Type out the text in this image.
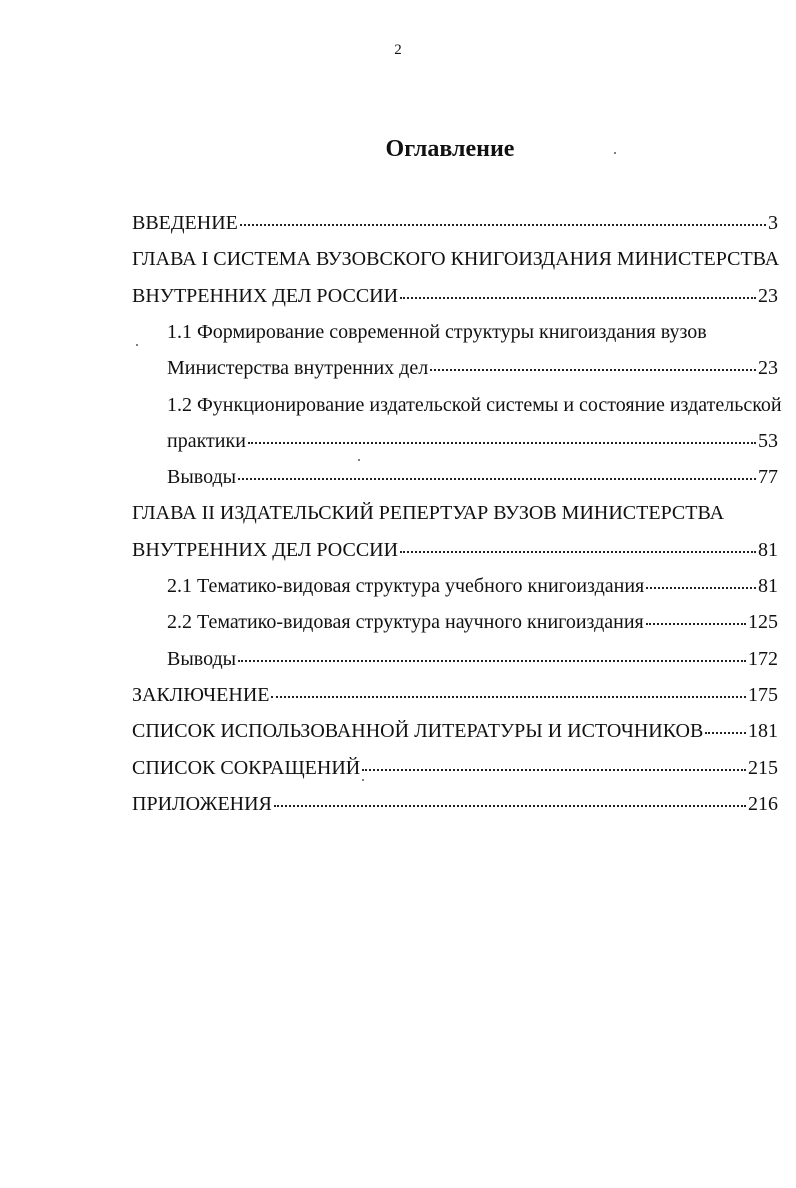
2
Оглавление
ВВЕДЕНИЕ	3
ГЛАВА I СИСТЕМА ВУЗОВСКОГО КНИГОИЗДАНИЯ МИНИСТЕРСТВА
ВНУТРЕННИХ ДЕЛ РОССИИ	23
1.1 Формирование современной структуры книгоиздания вузов
Министерства внутренних дел	23
1.2 Функционирование издательской системы и состояние издательской
практики	53
Выводы	77
ГЛАВА II ИЗДАТЕЛЬСКИЙ РЕПЕРТУАР ВУЗОВ МИНИСТЕРСТВА
ВНУТРЕННИХ ДЕЛ РОССИИ	81
2.1 Тематико-видовая структура учебного книгоиздания	81
2.2 Тематико-видовая структура научного книгоиздания	125
Выводы	172
ЗАКЛЮЧЕНИЕ	175
СПИСОК ИСПОЛЬЗОВАННОЙ ЛИТЕРАТУРЫ И ИСТОЧНИКОВ 181
СПИСОК СОКРАЩЕНИЙ	215
ПРИЛОЖЕНИЯ	216
